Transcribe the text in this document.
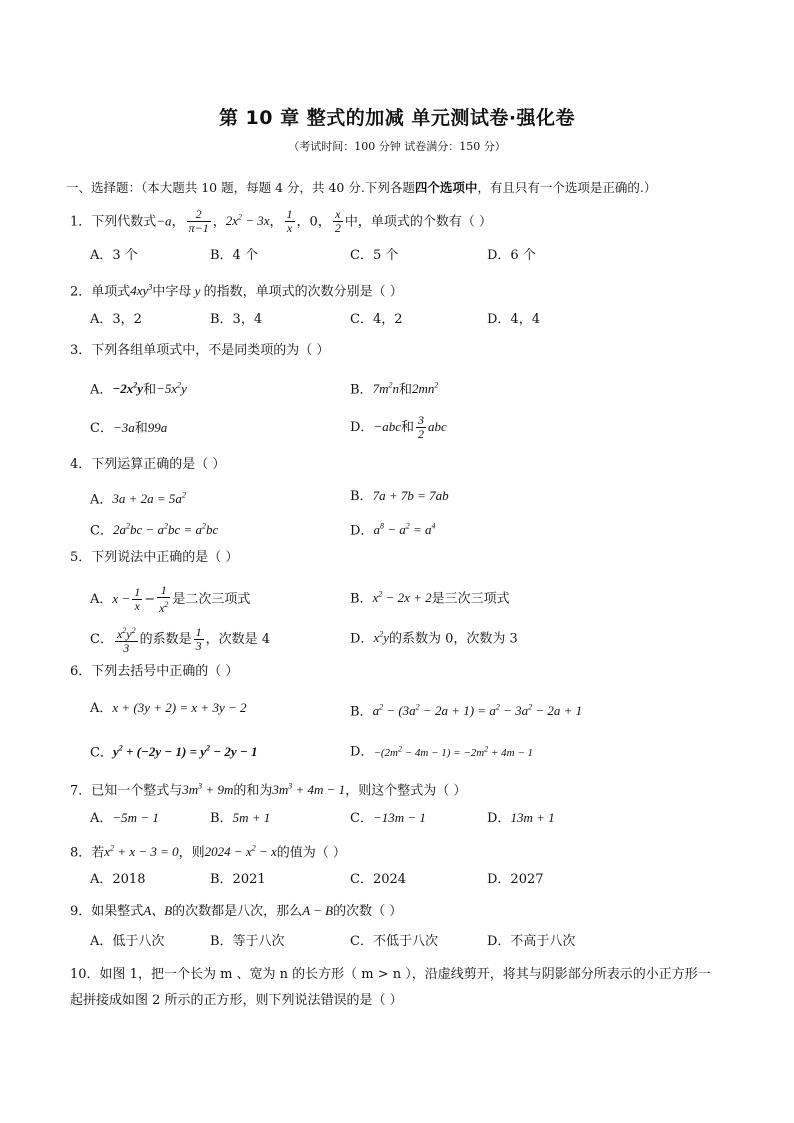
第 10 章 整式的加减 单元测试卷·强化卷
（考试时间：100 分钟 试卷满分：150 分）
一、选择题：（本大题共 10 题，每题 4 分，共 40 分.下列各题四个选项中，有且只有一个选项是正确的.）
1．下列代数式−a， $\frac{2}{\pi-1}$ ，$2x^2 - 3x$， $\frac{1}{x}$ ，0， $\frac{x}{2}$ 中，单项式的个数有（ ）
A．3 个	B．4 个	C．5 个	D．6 个
2．单项式$4xy^3$中字母 y 的指数，单项式的次数分别是（ ）
A．3，2	B．3，4	C．4，2	D．4，4
3．下列各组单项式中，不是同类项的为（ ）
A．$-2x^2y$和$-5x^2y$	B．$7m^2n$和$2mn^2$
C．−3a和99a	D．−abc和 $\frac{3}{2}$ abc
4．下列运算正确的是（ ）
A．$3a + 2a = 5a^2$	B．7a + 7b = 7ab
C．$2a^2bc - a^2bc = a^2bc$	D．$a^8 - a^2 = a^4$
5．下列说法中正确的是（ ）
A．$x - \frac{1}{x} - \frac{1}{x^2}$ 是二次三项式	B．$x^2 - 2x + 2$是三次三项式
C． $\frac{x^2y^2}{3}$ 的系数是 $\frac{1}{3}$ ，次数是 4	D．$x^2y$的系数为 0，次数为 3
6．下列去括号中正确的（ ）
A．x + (3y + 2) = x + 3y − 2	B．$a^2 - (3a^2 - 2a + 1) = a^2 - 3a^2 - 2a + 1$
C．$y^2 + (-2y - 1) = y^2 - 2y - 1$	D．$-(2m^2 - 4m - 1) = -2m^2 + 4m - 1$
7．已知一个整式与$3m^3 + 9m$的和为$3m^3 + 4m - 1$，则这个整式为（ ）
A．−5m − 1	B．5m + 1	C．−13m − 1	D．13m + 1
8．若$x^2 + x - 3 = 0$，则$2024 - x^2 - x$的值为（ ）
A．2018	B．2021	C．2024	D．2027
9．如果整式A、B的次数都是八次，那么A − B的次数（ ）
A．低于八次	B．等于八次	C．不低于八次	D．不高于八次
10．如图 1，把一个长为 m 、宽为 n 的长方形（ m > n ），沿虚线剪开，将其与阴影部分所表示的小正方形一
起拼接成如图 2 所示的正方形，则下列说法错误的是（ ）
